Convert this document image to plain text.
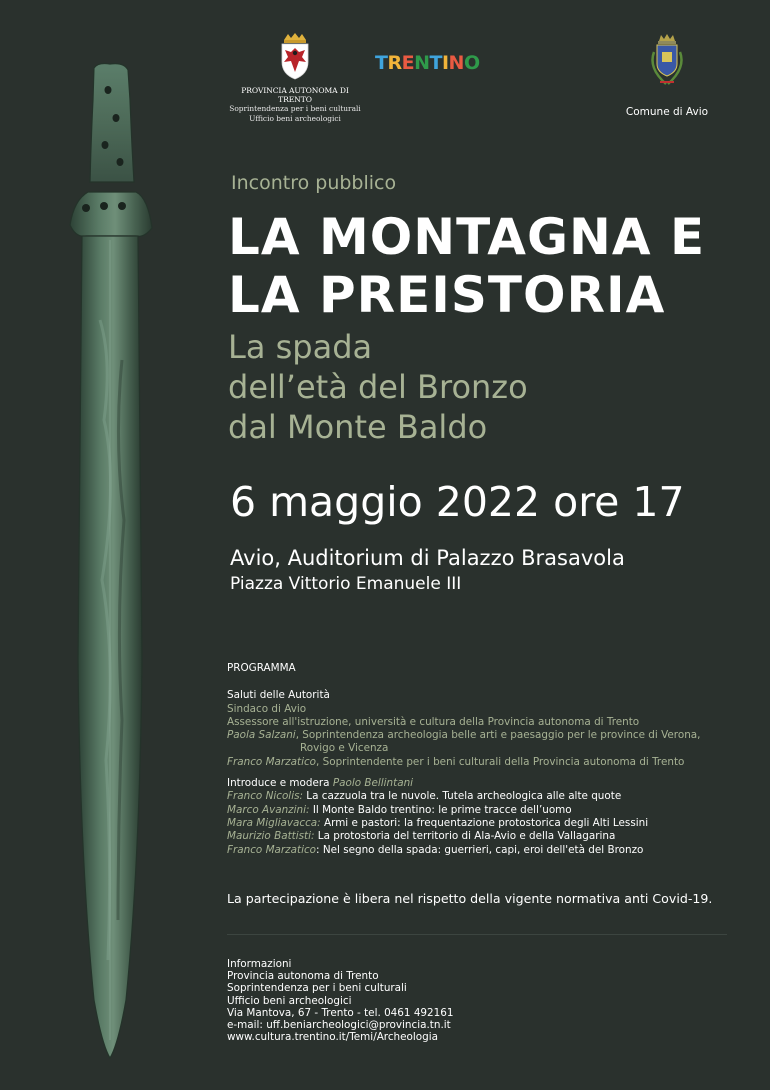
PROVINCIA AUTONOMA DI TRENTO
Soprintendenza per i beni culturali
Ufficio beni archeologici
TRENTINO
Comune di Avio
Incontro pubblico
LA MONTAGNA E
LA PREISTORIA
La spada
dell’età del Bronzo
dal Monte Baldo
6 maggio 2022 ore 17
Avio, Auditorium di Palazzo Brasavola
Piazza Vittorio Emanuele III
PROGRAMMA
Saluti delle Autorità
Sindaco di Avio
Assessore all'istruzione, università e cultura della Provincia autonoma di Trento
Paola Salzani, Soprintendenza archeologia belle arti e paesaggio per le province di Verona,
Rovigo e Vicenza
Franco Marzatico, Soprintendente per i beni culturali della Provincia autonoma di Trento
Introduce e modera Paolo Bellintani
Franco Nicolis: La cazzuola tra le nuvole. Tutela archeologica alle alte quote
Marco Avanzini: Il Monte Baldo trentino: le prime tracce dell’uomo
Mara Migliavacca: Armi e pastori: la frequentazione protostorica degli Alti Lessini
Maurizio Battisti: La protostoria del territorio di Ala-Avio e della Vallagarina
Franco Marzatico: Nel segno della spada: guerrieri, capi, eroi dell'età del Bronzo
La partecipazione è libera nel rispetto della vigente normativa anti Covid-19.
Informazioni
Provincia autonoma di Trento
Soprintendenza per i beni culturali
Ufficio beni archeologici
Via Mantova, 67 - Trento - tel. 0461 492161
e-mail: uff.beniarcheologici@provincia.tn.it
www.cultura.trentino.it/Temi/Archeologia
